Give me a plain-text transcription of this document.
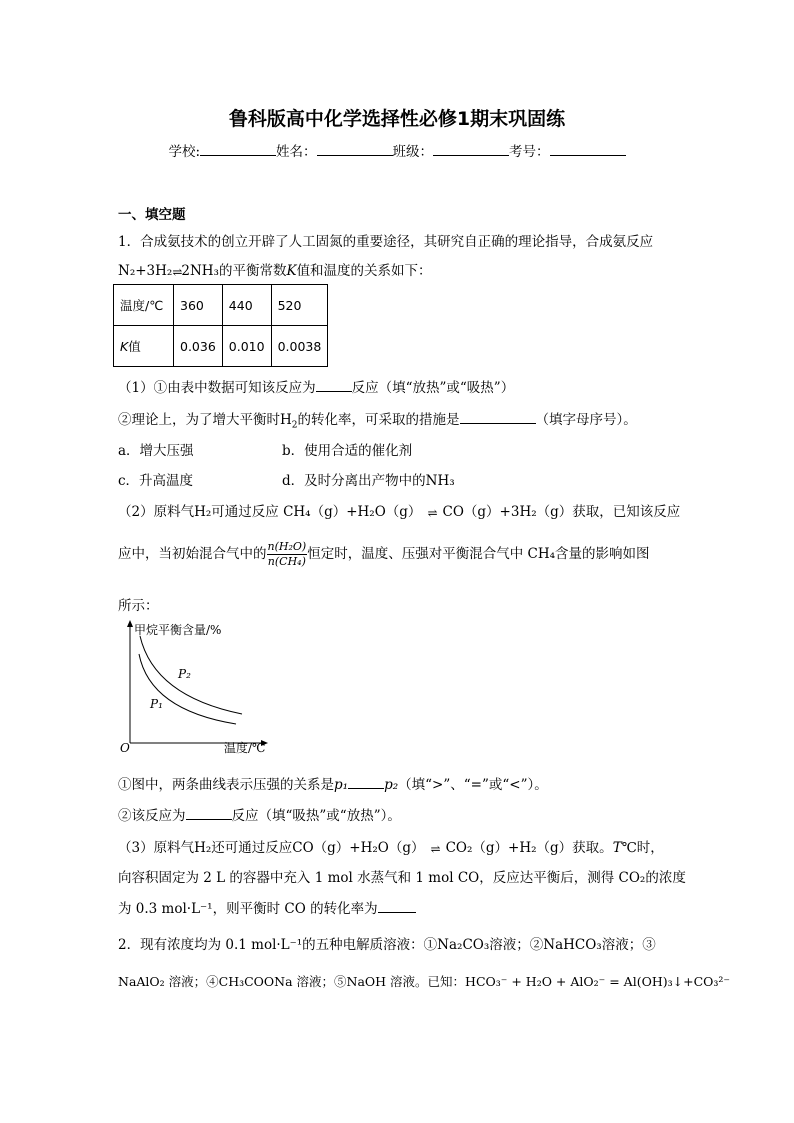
鲁科版高中化学选择性必修1期末巩固练
学校:	姓名：	班级：	考号：
一、填空题
1．合成氨技术的创立开辟了人工固氮的重要途径，其研究自正确的理论指导，合成氨反应
N₂+3H₂⇌2NH₃的平衡常数K值和温度的关系如下：
温度/℃	360	440	520
K值	0.036	0.010	0.0038
（1）①由表中数据可知该反应为	反应（填“放热”或“吸热”）
②理论上，为了增大平衡时$H_2$的转化率，可采取的措施是	（填字母序号）。
a．增大压强	b．使用合适的催化剂
c．升高温度	d．及时分离出产物中的NH₃
（2）原料气H₂可通过反应 CH₄（g）+H₂O（g） ⇌ CO（g）+3H₂（g）获取，已知该反应
应中，当初始混合气中的 $\frac{\text{n(H₂O)}}{\text{n(CH₄)}}$ 恒定时，温度、压强对平衡混合气中 CH₄含量的影响如图
所示：
甲烷平衡含量/%
P₂
P₁
O	温度/℃
①图中，两条曲线表示压强的关系是p₁	p₂（填“>”、“=”或“<”）。
②该反应为	反应（填“吸热”或“放热”）。
（3）原料气H₂还可通过反应CO（g）+H₂O（g） ⇌ CO₂（g）+H₂（g）获取。T℃时，
向容积固定为 2 L 的容器中充入 1 mol 水蒸气和 1 mol CO，反应达平衡后，测得 CO₂的浓度
为 0.3 mol·L⁻¹，则平衡时 CO 的转化率为
2．现有浓度均为 0.1 mol·L⁻¹的五种电解质溶液：①Na₂CO₃溶液；②NaHCO₃溶液；③
NaAlO₂ 溶液；④CH₃COONa 溶液；⑤NaOH 溶液。已知：HCO₃⁻ + H₂O + AlO₂⁻ = Al(OH)₃↓+CO₃²⁻
